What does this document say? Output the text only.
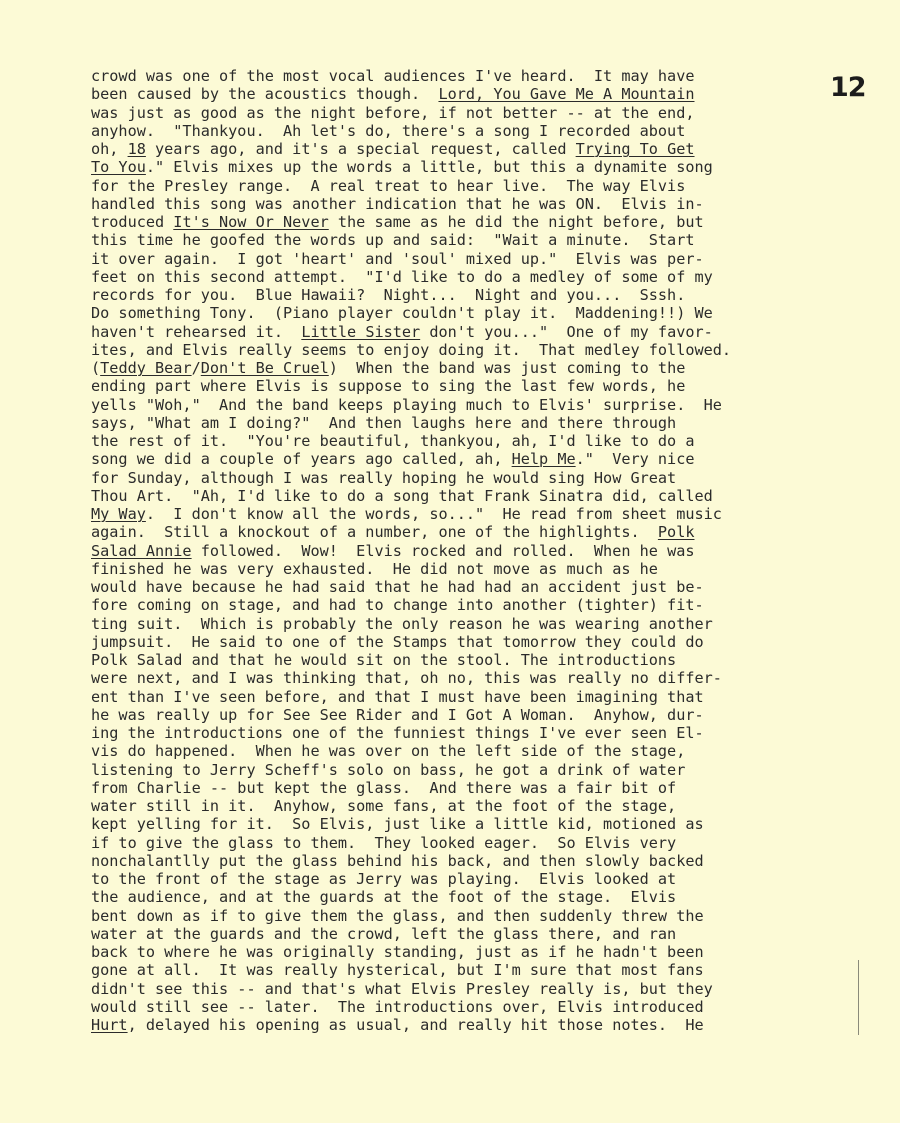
12
crowd was one of the most vocal audiences I've heard.  It may have
been caused by the acoustics though.  Lord, You Gave Me A Mountain
was just as good as the night before, if not better -- at the end,
anyhow.  "Thankyou.  Ah let's do, there's a song I recorded about
oh, 18 years ago, and it's a special request, called Trying To Get
To You." Elvis mixes up the words a little, but this a dynamite song
for the Presley range.  A real treat to hear live.  The way Elvis
handled this song was another indication that he was ON.  Elvis in-
troduced It's Now Or Never the same as he did the night before, but
this time he goofed the words up and said:  "Wait a minute.  Start
it over again.  I got 'heart' and 'soul' mixed up."  Elvis was per-
feet on this second attempt.  "I'd like to do a medley of some of my
records for you.  Blue Hawaii?  Night...  Night and you...  Sssh.
Do something Tony.  (Piano player couldn't play it.  Maddening!!) We
haven't rehearsed it.  Little Sister don't you..."  One of my favor-
ites, and Elvis really seems to enjoy doing it.  That medley followed.
(Teddy Bear/Don't Be Cruel)  When the band was just coming to the
ending part where Elvis is suppose to sing the last few words, he
yells "Woh,"  And the band keeps playing much to Elvis' surprise.  He
says, "What am I doing?"  And then laughs here and there through
the rest of it.  "You're beautiful, thankyou, ah, I'd like to do a
song we did a couple of years ago called, ah, Help Me."  Very nice
for Sunday, although I was really hoping he would sing How Great
Thou Art.  "Ah, I'd like to do a song that Frank Sinatra did, called
My Way.  I don't know all the words, so..."  He read from sheet music
again.  Still a knockout of a number, one of the highlights.  Polk
Salad Annie followed.  Wow!  Elvis rocked and rolled.  When he was
finished he was very exhausted.  He did not move as much as he
would have because he had said that he had had an accident just be-
fore coming on stage, and had to change into another (tighter) fit-
ting suit.  Which is probably the only reason he was wearing another
jumpsuit.  He said to one of the Stamps that tomorrow they could do
Polk Salad and that he would sit on the stool. The introductions
were next, and I was thinking that, oh no, this was really no differ-
ent than I've seen before, and that I must have been imagining that
he was really up for See See Rider and I Got A Woman.  Anyhow, dur-
ing the introductions one of the funniest things I've ever seen El-
vis do happened.  When he was over on the left side of the stage,
listening to Jerry Scheff's solo on bass, he got a drink of water
from Charlie -- but kept the glass.  And there was a fair bit of
water still in it.  Anyhow, some fans, at the foot of the stage,
kept yelling for it.  So Elvis, just like a little kid, motioned as
if to give the glass to them.  They looked eager.  So Elvis very
nonchalantlly put the glass behind his back, and then slowly backed
to the front of the stage as Jerry was playing.  Elvis looked at
the audience, and at the guards at the foot of the stage.  Elvis
bent down as if to give them the glass, and then suddenly threw the
water at the guards and the crowd, left the glass there, and ran
back to where he was originally standing, just as if he hadn't been
gone at all.  It was really hysterical, but I'm sure that most fans
didn't see this -- and that's what Elvis Presley really is, but they
would still see -- later.  The introductions over, Elvis introduced
Hurt, delayed his opening as usual, and really hit those notes.  He
